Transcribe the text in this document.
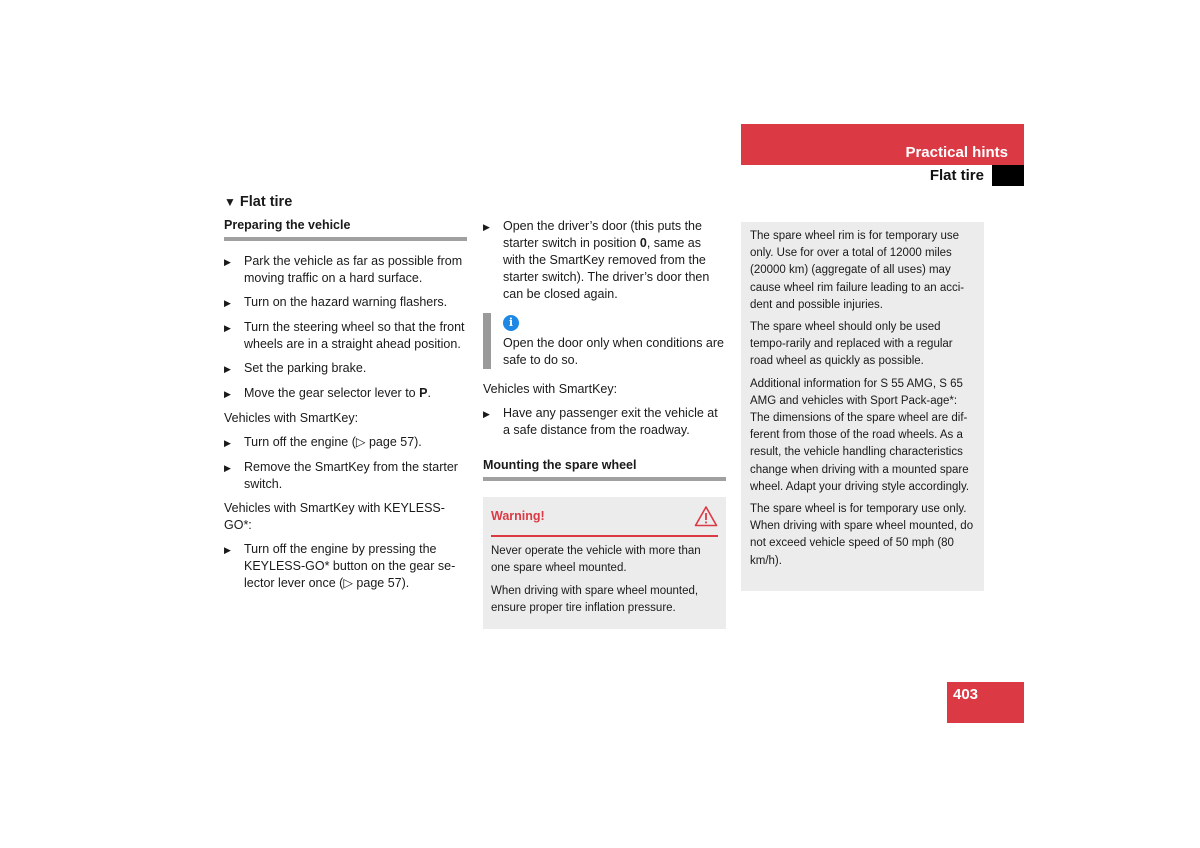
Practical hints
Flat tire
▼ Flat tire
Preparing the vehicle
▶	Park the vehicle as far as possible from moving traffic on a hard surface.
▶	Turn on the hazard warning flashers.
▶	Turn the steering wheel so that the front wheels are in a straight ahead position.
▶	Set the parking brake.
▶	Move the gear selector lever to P.

Vehicles with SmartKey:

▶	Turn off the engine (▷ page 57).
▶	Remove the SmartKey from the starter switch.

Vehicles with SmartKey with KEYLESS-GO*:

▶	Turn off the engine by pressing the KEYLESS-GO* button on the gear se-lector lever once (▷ page 57).
▶	Open the driver’s door (this puts the starter switch in position 0, same as with the SmartKey removed from the starter switch). The driver’s door then can be closed again.
i
Open the door only when conditions are safe to do so.

Vehicles with SmartKey:

▶	Have any passenger exit the vehicle at a safe distance from the roadway.
Mounting the spare wheel
Warning!

Never operate the vehicle with more than one spare wheel mounted.

When driving with spare wheel mounted, ensure proper tire inflation pressure.

The spare wheel rim is for temporary use only. Use for over a total of 12000 miles (20000 km) (aggregate of all uses) may cause wheel rim failure leading to an acci-dent and possible injuries.

The spare wheel should only be used tempo-rarily and replaced with a regular road wheel as quickly as possible.

Additional information for S 55 AMG, S 65 AMG and vehicles with Sport Pack-age*:

The dimensions of the spare wheel are dif-ferent from those of the road wheels. As a result, the vehicle handling characteristics change when driving with a mounted spare wheel. Adapt your driving style accordingly.

The spare wheel is for temporary use only. When driving with spare wheel mounted, do not exceed vehicle speed of 50 mph (80 km/h).

403
